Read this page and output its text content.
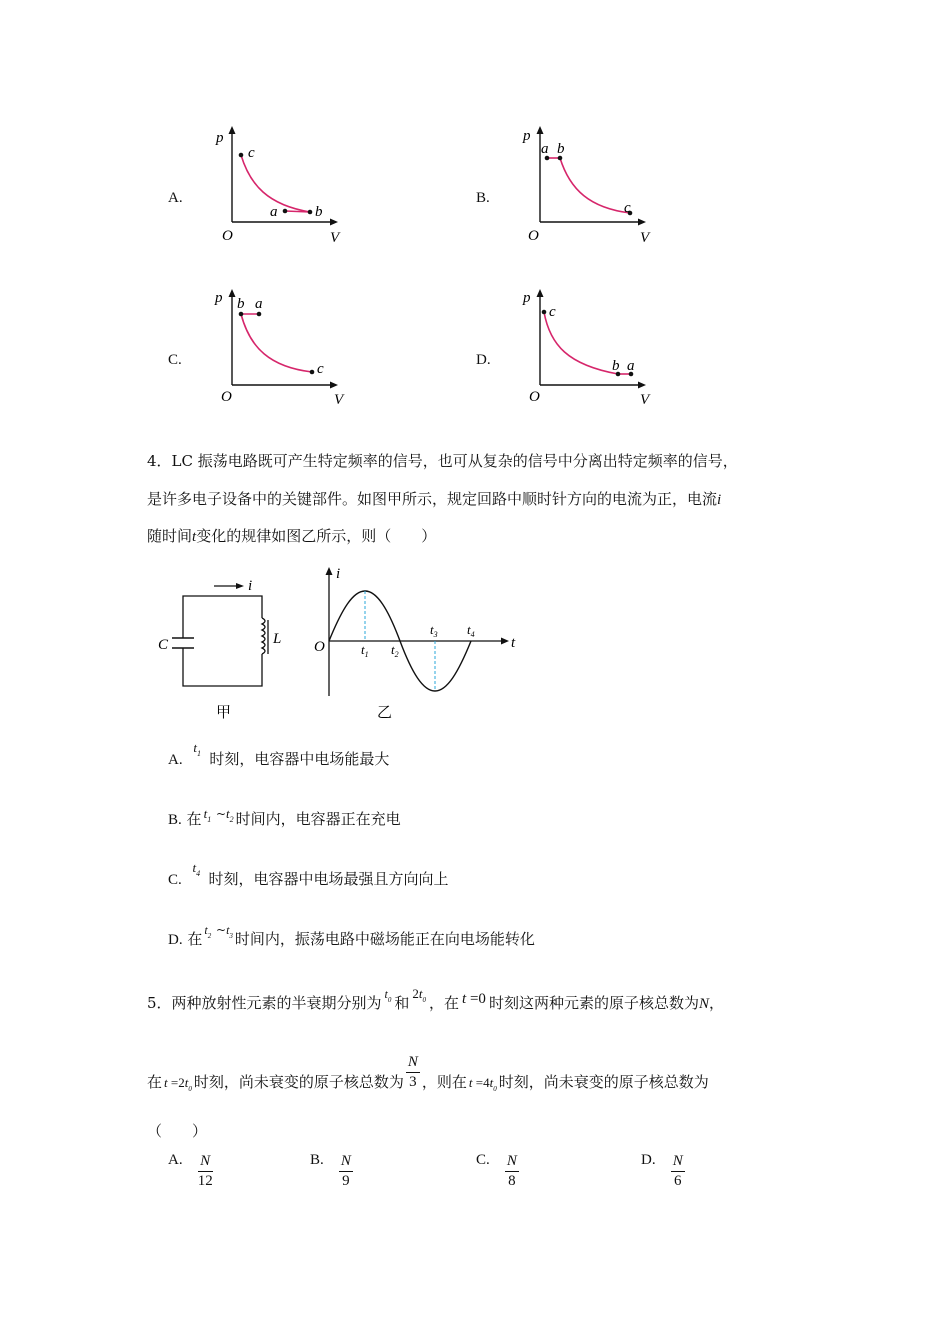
A.	B.
C.	D.
p
O	V
c
a	b
p
O	V
a b
c
p
O	V
b a
c
p
O	V
c
b a
4．LC 振荡电路既可产生特定频率的信号，也可从复杂的信号中分离出特定频率的信号，
是许多电子设备中的关键部件。如图甲所示，规定回路中顺时针方向的电流为正，电流i
随时间t变化的规律如图乙所示，则（　　）
i
C	L
甲
i
t
O	$t_1$ $t_2$
$t_3$ $t_4$
乙
A. $t_1$ 时刻，电容器中电场能最大
B. 在 $t_1$ $\sim t_2$ 时间内，电容器正在充电
C. $t_4$ 时刻，电容器中电场最强且方向向上
D. 在 $t_2$ $\sim t_3$ 时间内，振荡电路中磁场能正在向电场能转化
5．两种放射性元素的半衰期分别为 $t_0$ 和$2t_0$ ，在 t =0 时刻这两种元素的原子核总数为N，
在 $t =2t_0$ 时刻，尚未衰变的原子核总数为 $\frac{N}{3}$ ，则在 $t =4t_0$ 时刻，尚未衰变的原子核总数为
（　　）
A. $\frac{N}{12}$	B. $\frac{N}{9}$	C. $\frac{N}{8}$	D. $\frac{N}{6}$
